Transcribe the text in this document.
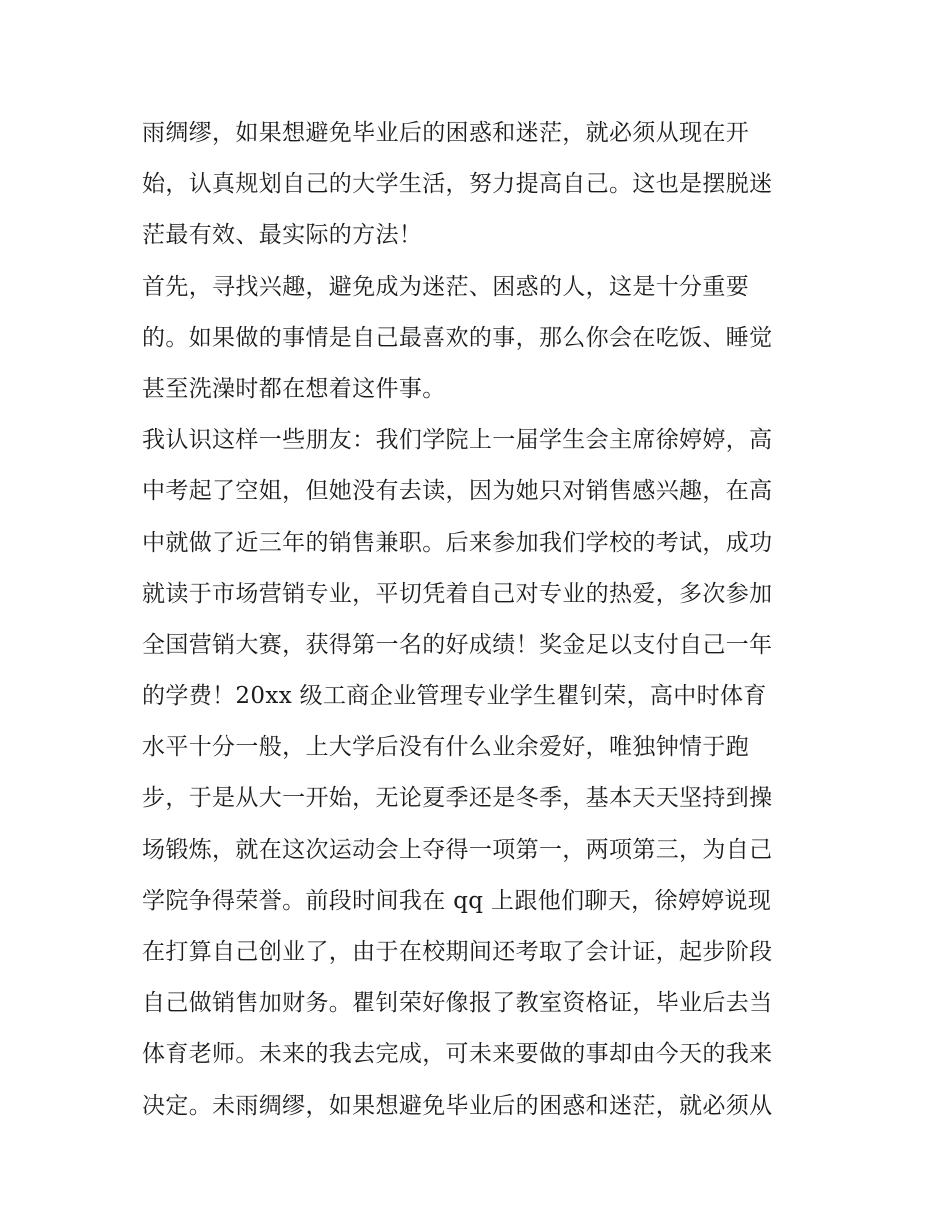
雨绸缪，如果想避免毕业后的困惑和迷茫，就必须从现在开
始，认真规划自己的大学生活，努力提高自己。这也是摆脱迷
茫最有效、最实际的方法！
首先，寻找兴趣，避免成为迷茫、困惑的人，这是十分重要
的。如果做的事情是自己最喜欢的事，那么你会在吃饭、睡觉
甚至洗澡时都在想着这件事。
我认识这样一些朋友：我们学院上一届学生会主席徐婷婷，高
中考起了空姐，但她没有去读，因为她只对销售感兴趣，在高
中就做了近三年的销售兼职。后来参加我们学校的考试，成功
就读于市场营销专业，平切凭着自己对专业的热爱，多次参加
全国营销大赛，获得第一名的好成绩！奖金足以支付自己一年
的学费！20xx 级工商企业管理专业学生瞿钊荣，高中时体育
水平十分一般，上大学后没有什么业余爱好，唯独钟情于跑
步，于是从大一开始，无论夏季还是冬季，基本天天坚持到操
场锻炼，就在这次运动会上夺得一项第一，两项第三，为自己
学院争得荣誉。前段时间我在 qq 上跟他们聊天，徐婷婷说现
在打算自己创业了，由于在校期间还考取了会计证，起步阶段
自己做销售加财务。瞿钊荣好像报了教室资格证，毕业后去当
体育老师。未来的我去完成，可未来要做的事却由今天的我来
决定。未雨绸缪，如果想避免毕业后的困惑和迷茫，就必须从
